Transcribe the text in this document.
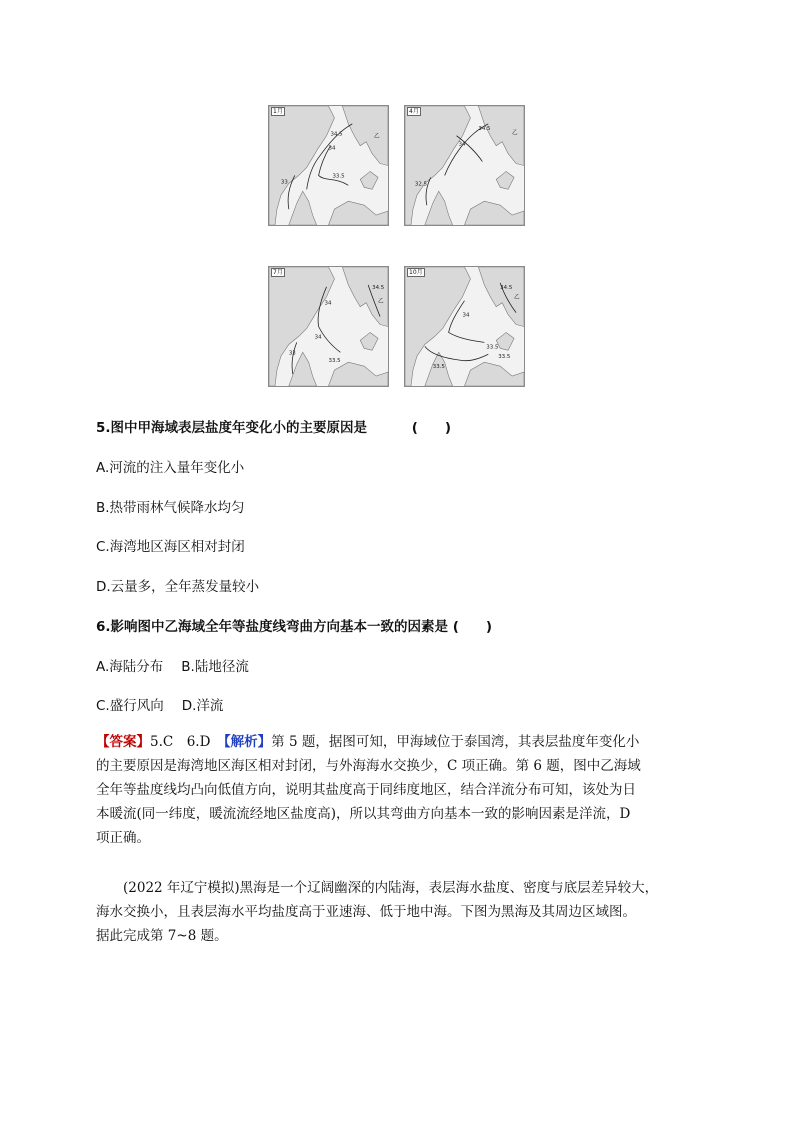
34.5	乙
34
33.5
33
1月
34.5
乙
34
32.5
4月
34
34.5
乙
34
33
33.5
7月
34.5
乙
34
33.5
33.5
33.5
10月
5.图中甲海域表层盐度年变化小的主要原因是	(　　)
A.河流的注入量年变化小
B.热带雨林气候降水均匀
C.海湾地区海区相对封闭
D.云量多，全年蒸发量较小
6.影响图中乙海域全年等盐度线弯曲方向基本一致的因素是 (　　)
A.海陆分布 B.陆地径流
C.盛行风向 D.洋流
【答案】5.C　6.D　【解析】第 5 题，据图可知，甲海域位于泰国湾，其表层盐度年变化小
的主要原因是海湾地区海区相对封闭，与外海海水交换少，C 项正确。第 6 题，图中乙海域
全年等盐度线均凸向低值方向，说明其盐度高于同纬度地区，结合洋流分布可知，该处为日
本暖流(同一纬度，暖流流经地区盐度高)，所以其弯曲方向基本一致的影响因素是洋流，D
项正确。
　　(2022 年辽宁模拟)黑海是一个辽阔幽深的内陆海，表层海水盐度、密度与底层差异较大，
海水交换小，且表层海水平均盐度高于亚速海、低于地中海。下图为黑海及其周边区域图。
据此完成第 7~8 题。
